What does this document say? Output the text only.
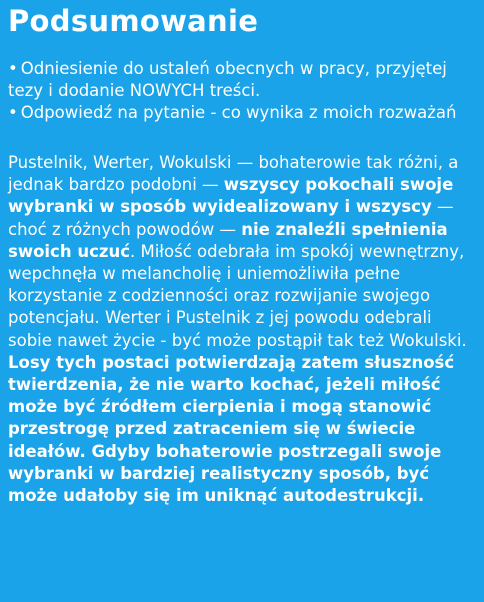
Podsumowanie
• Odniesienie do ustaleń obecnych w pracy, przyjętej tezy i dodanie NOWYCH treści.
• Odpowiedź na pytanie - co wynika z moich rozważań

Pustelnik, Werter, Wokulski — bohaterowie tak różni, a jednak bardzo podobni — wszyscy pokochali swoje wybranki w sposób wyidealizowany i wszyscy — choć z różnych powodów — nie znaleźli spełnienia swoich uczuć. Miłość odebrała im spokój wewnętrzny, wepchnęła w melancholię i uniemożliwiła pełne korzystanie z codzienności oraz rozwijanie swojego potencjału. Werter i Pustelnik z jej powodu odebrali sobie nawet życie - być może postąpił tak też Wokulski. Losy tych postaci potwierdzają zatem słuszność twierdzenia, że nie warto kochać, jeżeli miłość może być źródłem cierpienia i mogą stanowić przestrogę przed zatraceniem się w świecie ideałów. Gdyby bohaterowie postrzegali swoje wybranki w bardziej realistyczny sposób, być może udałoby się im uniknąć autodestrukcji.
